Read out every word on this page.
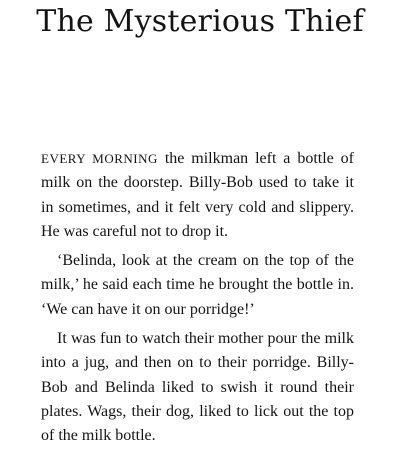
The Mysterious Thief

EVERY MORNING the milkman left a bottle of milk on the doorstep. Billy-Bob used to take it in sometimes, and it felt very cold and slippery. He was careful not to drop it.

‘Belinda, look at the cream on the top of the milk,’ he said each time he brought the bottle in. ‘We can have it on our porridge!’

It was fun to watch their mother pour the milk into a jug, and then on to their porridge. Billy-Bob and Belinda liked to swish it round their plates. Wags, their dog, liked to lick out the top of the milk bottle.
